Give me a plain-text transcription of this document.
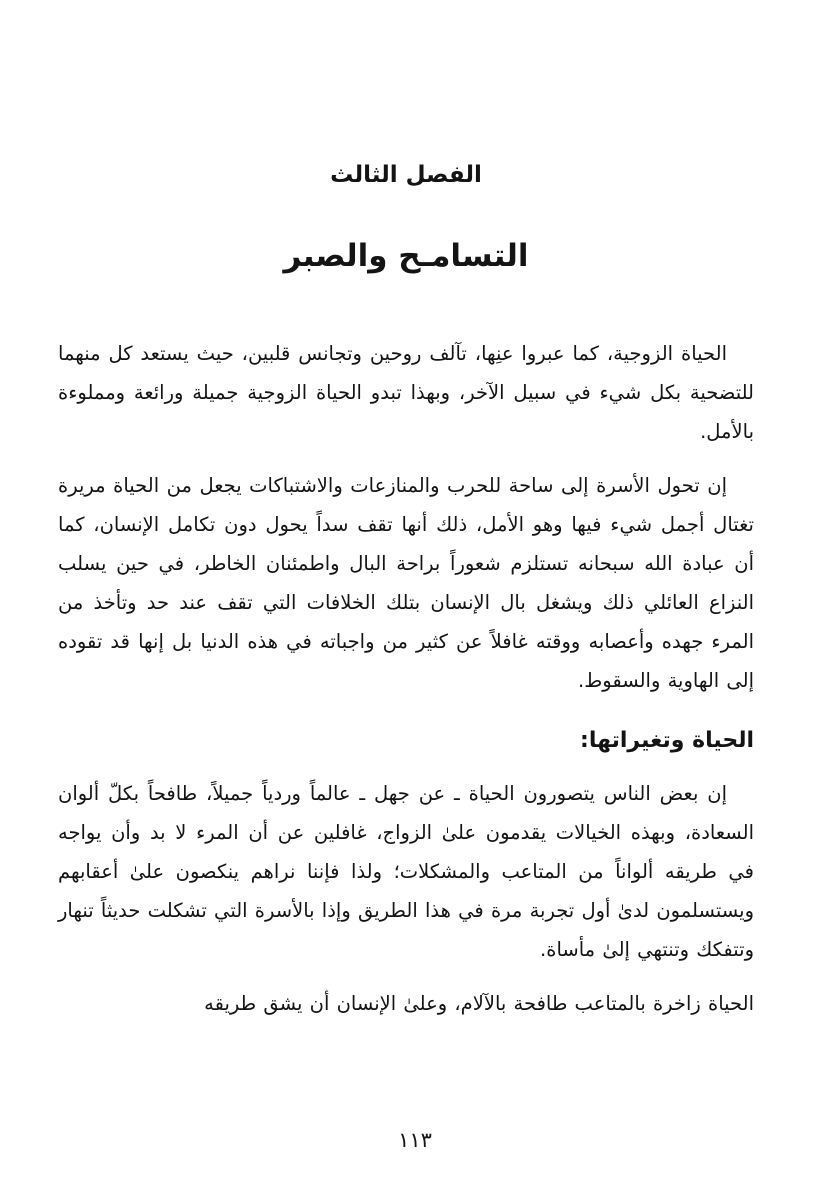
الفصل الثالث
التسامـح والصبر

الحياة الزوجية، كما عبروا عنِها، تآلف روحين وتجانس قلبين، حيث يستعد كل منهما للتضحية بكل شيء في سبيل الآخر، وبهذا تبدو الحياة الزوجية جميلة ورائعة ومملوءة بالأمل.

إن تحول الأسرة إلى ساحة للحرب والمنازعات والاشتباكات يجعل من الحياة مريرة تغتال أجمل شيء فيها وهو الأمل، ذلك أنها تقف سداً يحول دون تكامل الإنسان، كما أن عبادة الله سبحانه تستلزم شعوراً براحة البال واطمئنان الخاطر، في حين يسلب النزاع العائلي ذلك ويشغل بال الإنسان بتلك الخلافات التي تقف عند حد وتأخذ من المرء جهده وأعصابه ووقته غافلاً عن كثير من واجباته في هذه الدنيا بل إنها قد تقوده إلى الهاوية والسقوط.

الحياة وتغيراتها:

إن بعض الناس يتصورون الحياة ـ عن جهل ـ عالماً وردياً جميلاً، طافحاً بكلّ ألوان السعادة، وبهذه الخيالات يقدمون علىٰ الزواج، غافلين عن أن المرء لا بد وأن يواجه في طريقه ألواناً من المتاعب والمشكلات؛ ولذا فإننا نراهم ينكصون علىٰ أعقابهم ويستسلمون لدىٰ أول تجربة مرة في هذا الطريق وإذا بالأسرة التي تشكلت حديثاً تنهار وتتفكك وتنتهي إلىٰ مأساة.

الحياة زاخرة بالمتاعب طافحة بالآلام، وعلىٰ الإنسان أن يشق طريقه

١١٣
